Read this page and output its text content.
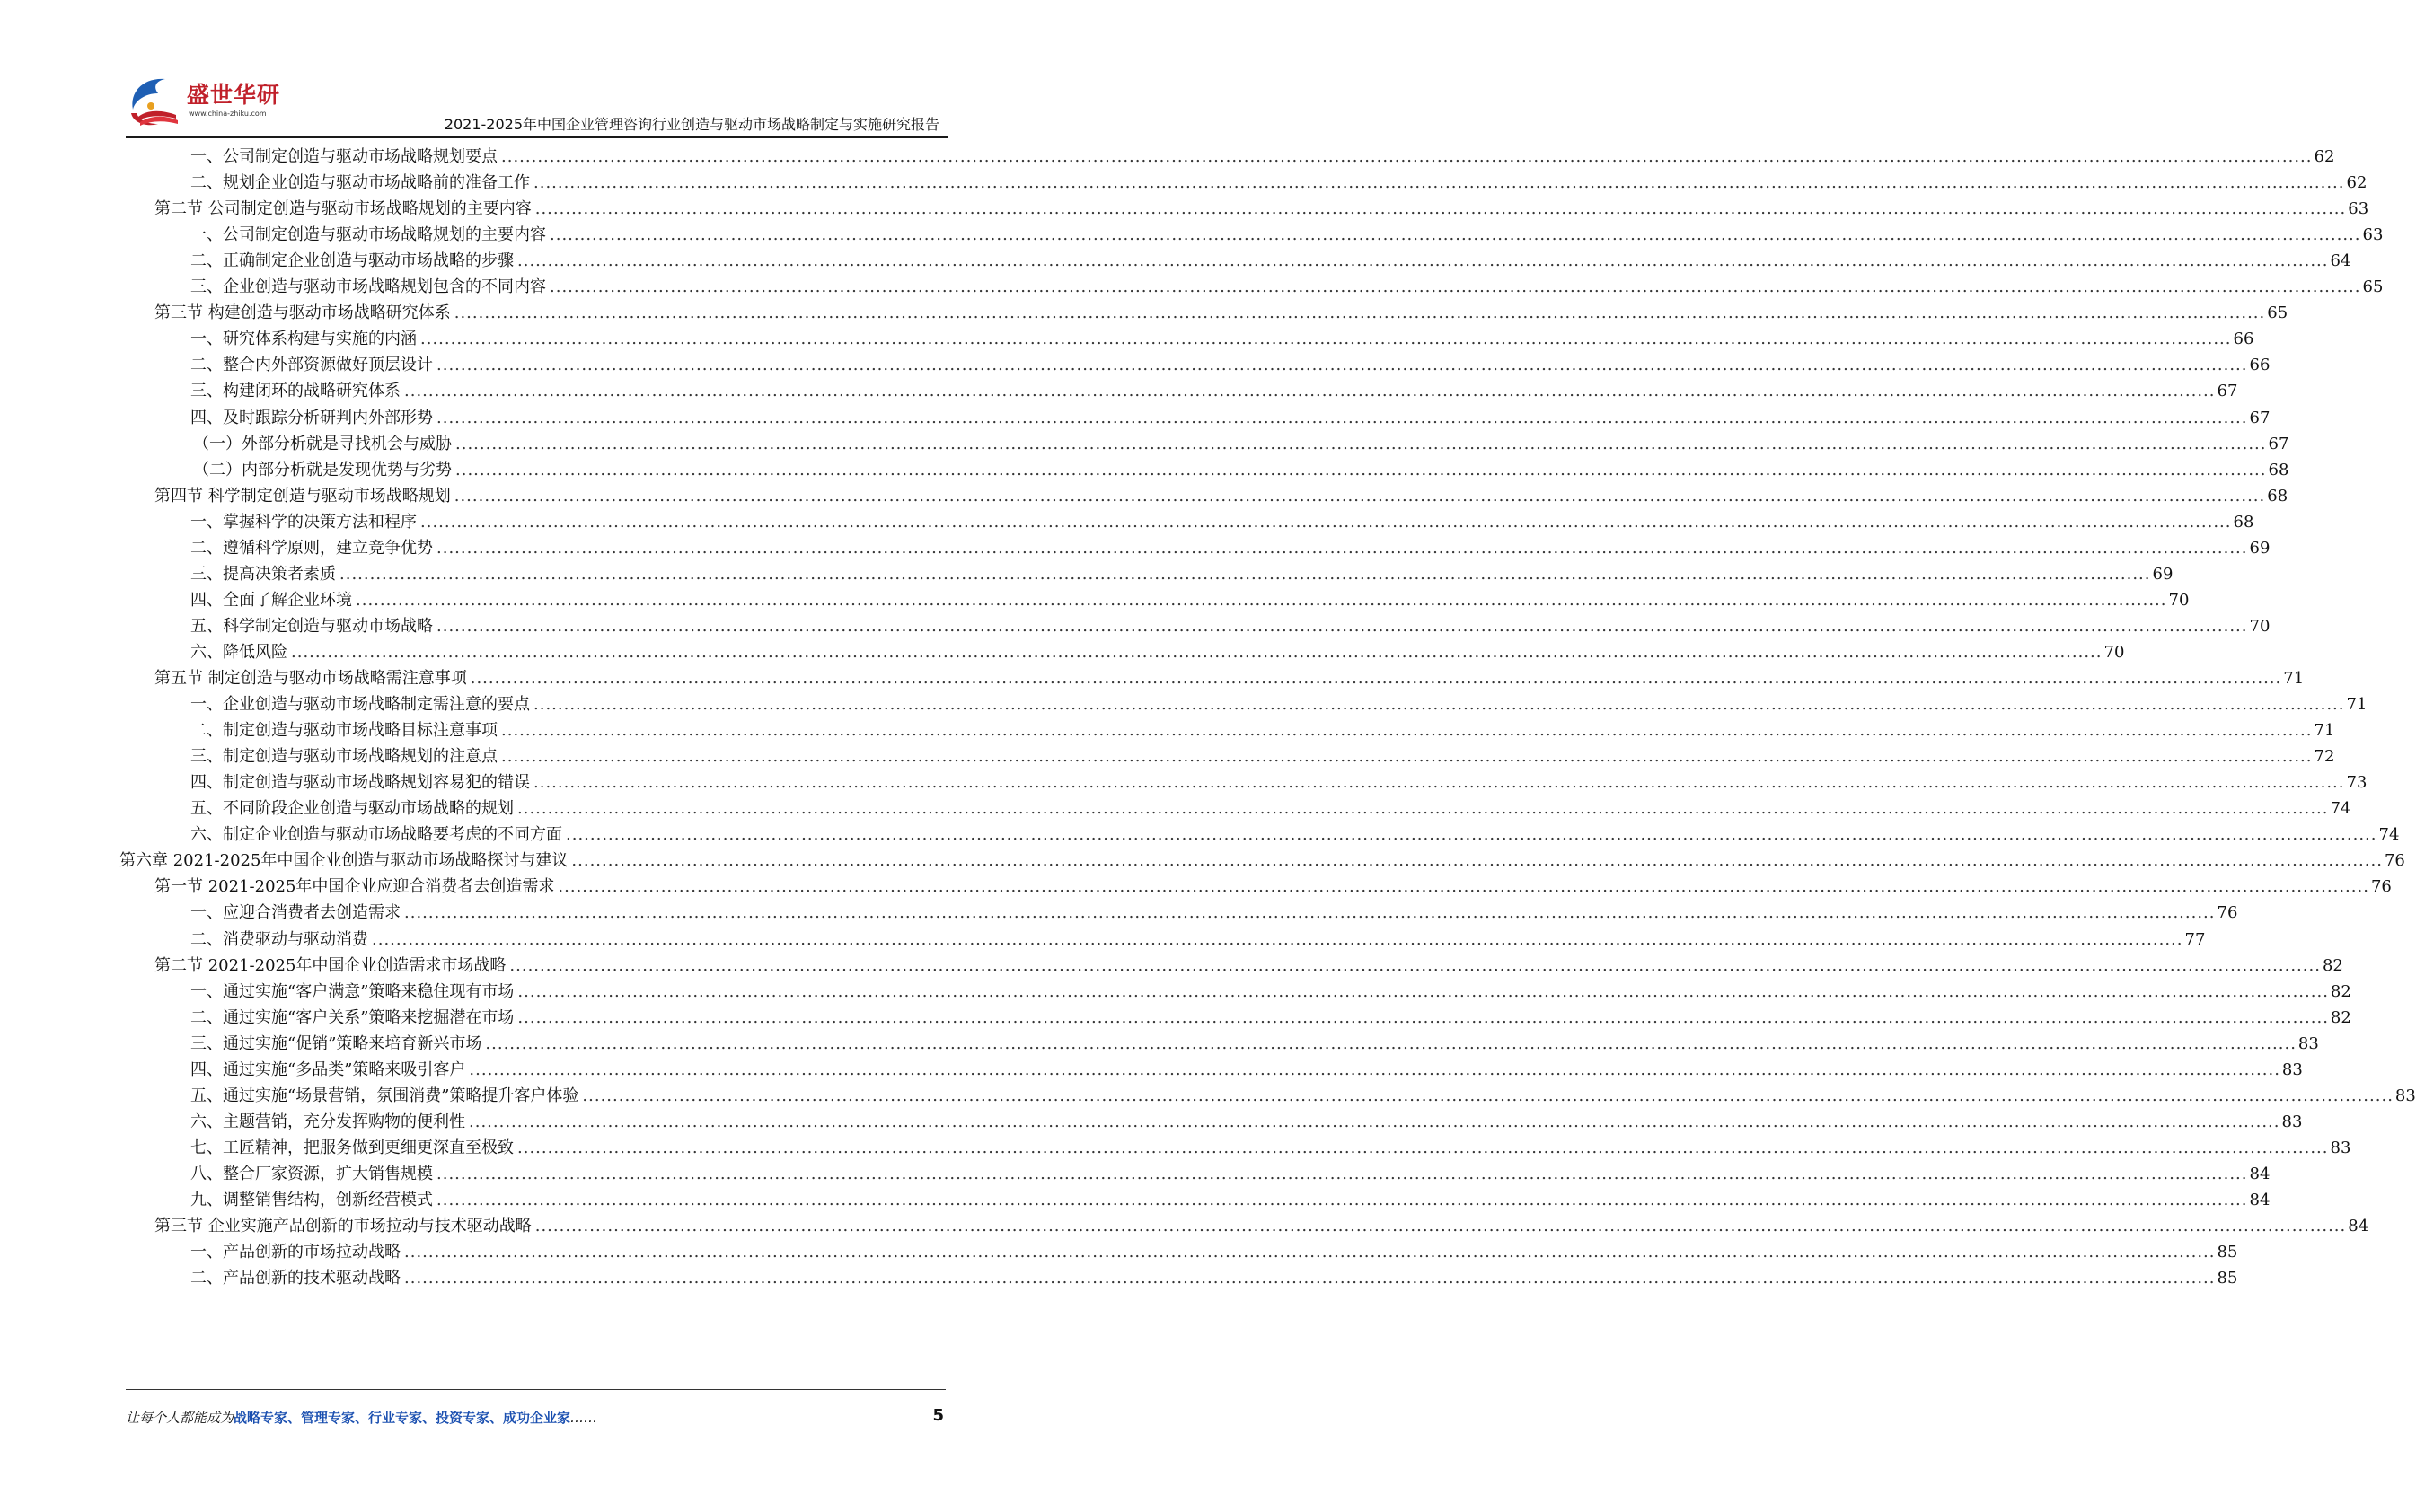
盛世华研
www.china-zhiku.com
2021-2025年中国企业管理咨询行业创造与驱动市场战略制定与实施研究报告
一、公司制定创造与驱动市场战略规划要点 ............................................................................................................................................................................................................................................................................................................ 62
二、规划企业创造与驱动市场战略前的准备工作 ............................................................................................................................................................................................................................................................................................................ 62
第二节 公司制定创造与驱动市场战略规划的主要内容 ............................................................................................................................................................................................................................................................................................................ 63
一、公司制定创造与驱动市场战略规划的主要内容 ............................................................................................................................................................................................................................................................................................................ 63
二、正确制定企业创造与驱动市场战略的步骤 ............................................................................................................................................................................................................................................................................................................ 64
三、企业创造与驱动市场战略规划包含的不同内容 ............................................................................................................................................................................................................................................................................................................ 65
第三节 构建创造与驱动市场战略研究体系 ............................................................................................................................................................................................................................................................................................................ 65
一、研究体系构建与实施的内涵 ............................................................................................................................................................................................................................................................................................................ 66
二、整合内外部资源做好顶层设计 ............................................................................................................................................................................................................................................................................................................ 66
三、构建闭环的战略研究体系 ............................................................................................................................................................................................................................................................................................................ 67
四、及时跟踪分析研判内外部形势 ............................................................................................................................................................................................................................................................................................................ 67
（一）外部分析就是寻找机会与威胁 ............................................................................................................................................................................................................................................................................................................ 67
（二）内部分析就是发现优势与劣势 ............................................................................................................................................................................................................................................................................................................ 68
第四节 科学制定创造与驱动市场战略规划 ............................................................................................................................................................................................................................................................................................................ 68
一、掌握科学的决策方法和程序 ............................................................................................................................................................................................................................................................................................................ 68
二、遵循科学原则，建立竞争优势 ............................................................................................................................................................................................................................................................................................................ 69
三、提高决策者素质 ............................................................................................................................................................................................................................................................................................................ 69
四、全面了解企业环境 ............................................................................................................................................................................................................................................................................................................ 70
五、科学制定创造与驱动市场战略 ............................................................................................................................................................................................................................................................................................................ 70
六、降低风险 ............................................................................................................................................................................................................................................................................................................ 70
第五节 制定创造与驱动市场战略需注意事项 ............................................................................................................................................................................................................................................................................................................ 71
一、企业创造与驱动市场战略制定需注意的要点 ............................................................................................................................................................................................................................................................................................................ 71
二、制定创造与驱动市场战略目标注意事项 ............................................................................................................................................................................................................................................................................................................ 71
三、制定创造与驱动市场战略规划的注意点 ............................................................................................................................................................................................................................................................................................................ 72
四、制定创造与驱动市场战略规划容易犯的错误 ............................................................................................................................................................................................................................................................................................................ 73
五、不同阶段企业创造与驱动市场战略的规划 ............................................................................................................................................................................................................................................................................................................ 74
六、制定企业创造与驱动市场战略要考虑的不同方面 ............................................................................................................................................................................................................................................................................................................ 74
第六章 2021-2025年中国企业创造与驱动市场战略探讨与建议 ............................................................................................................................................................................................................................................................................................................ 76
第一节 2021-2025年中国企业应迎合消费者去创造需求 ............................................................................................................................................................................................................................................................................................................ 76
一、应迎合消费者去创造需求 ............................................................................................................................................................................................................................................................................................................ 76
二、消费驱动与驱动消费 ............................................................................................................................................................................................................................................................................................................ 77
第二节 2021-2025年中国企业创造需求市场战略 ............................................................................................................................................................................................................................................................................................................ 82
一、通过实施“客户满意”策略来稳住现有市场 ............................................................................................................................................................................................................................................................................................................ 82
二、通过实施“客户关系”策略来挖掘潜在市场 ............................................................................................................................................................................................................................................................................................................ 82
三、通过实施“促销”策略来培育新兴市场 ............................................................................................................................................................................................................................................................................................................ 83
四、通过实施“多品类”策略来吸引客户 ............................................................................................................................................................................................................................................................................................................ 83
五、通过实施“场景营销，氛围消费”策略提升客户体验 ............................................................................................................................................................................................................................................................................................................ 83
六、主题营销，充分发挥购物的便利性 ............................................................................................................................................................................................................................................................................................................ 83
七、工匠精神，把服务做到更细更深直至极致 ............................................................................................................................................................................................................................................................................................................ 83
八、整合厂家资源，扩大销售规模 ............................................................................................................................................................................................................................................................................................................ 84
九、调整销售结构，创新经营模式 ............................................................................................................................................................................................................................................................................................................ 84
第三节 企业实施产品创新的市场拉动与技术驱动战略 ............................................................................................................................................................................................................................................................................................................ 84
一、产品创新的市场拉动战略 ............................................................................................................................................................................................................................................................................................................ 85
二、产品创新的技术驱动战略 ............................................................................................................................................................................................................................................................................................................ 85
让每个人都能成为战略专家、管理专家、行业专家、投资专家、成功企业家……	5
